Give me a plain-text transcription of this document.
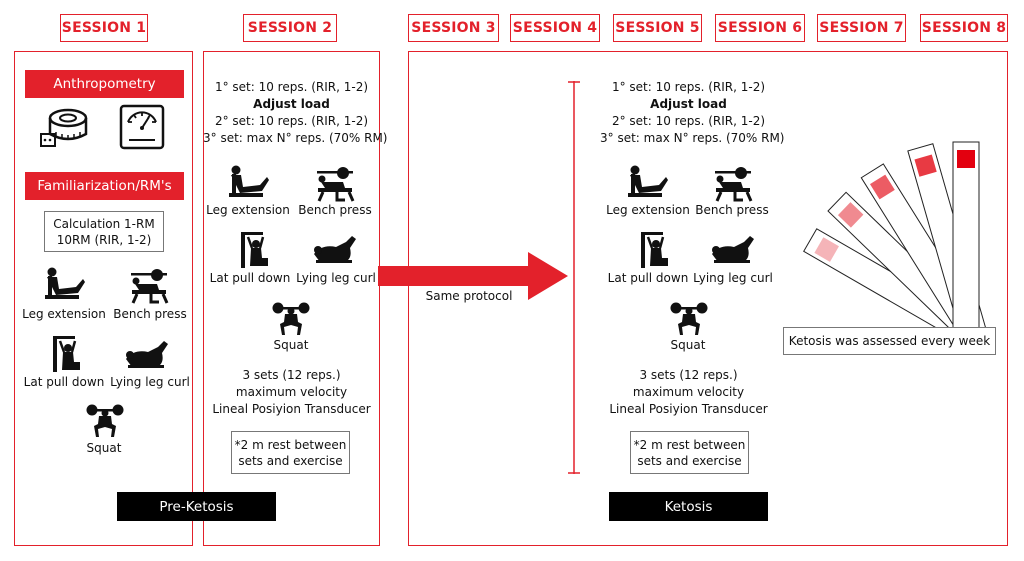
SESSION 1	SESSION 2	SESSION 3 SESSION 4 SESSION 5 SESSION 6 SESSION 7 SESSION 8
Anthropometry
Familiarization/RM's
Calculation 1-RM
10RM (RIR, 1-2)
Leg extension Bench press
Lat pull down Lying leg curl
Squat
1° set: 10 reps. (RIR, 1-2)
Adjust load
2° set: 10 reps. (RIR, 1-2)
3° set: max N° reps. (70% RM)
Leg extension Bench press
Lat pull down Lying leg curl
Squat
3 sets (12 reps.)
maximum velocity
Lineal Posiyion Transducer
*2 m rest between
sets and exercise
Pre-Ketosis
Same protocol
1° set: 10 reps. (RIR, 1-2)
Adjust load
2° set: 10 reps. (RIR, 1-2)
3° set: max N° reps. (70% RM)
Leg extension Bench press
Lat pull down Lying leg curl
Squat
3 sets (12 reps.)
maximum velocity
Lineal Posiyion Transducer
*2 m rest between
sets and exercise
Ketosis
Ketosis was assessed every week
